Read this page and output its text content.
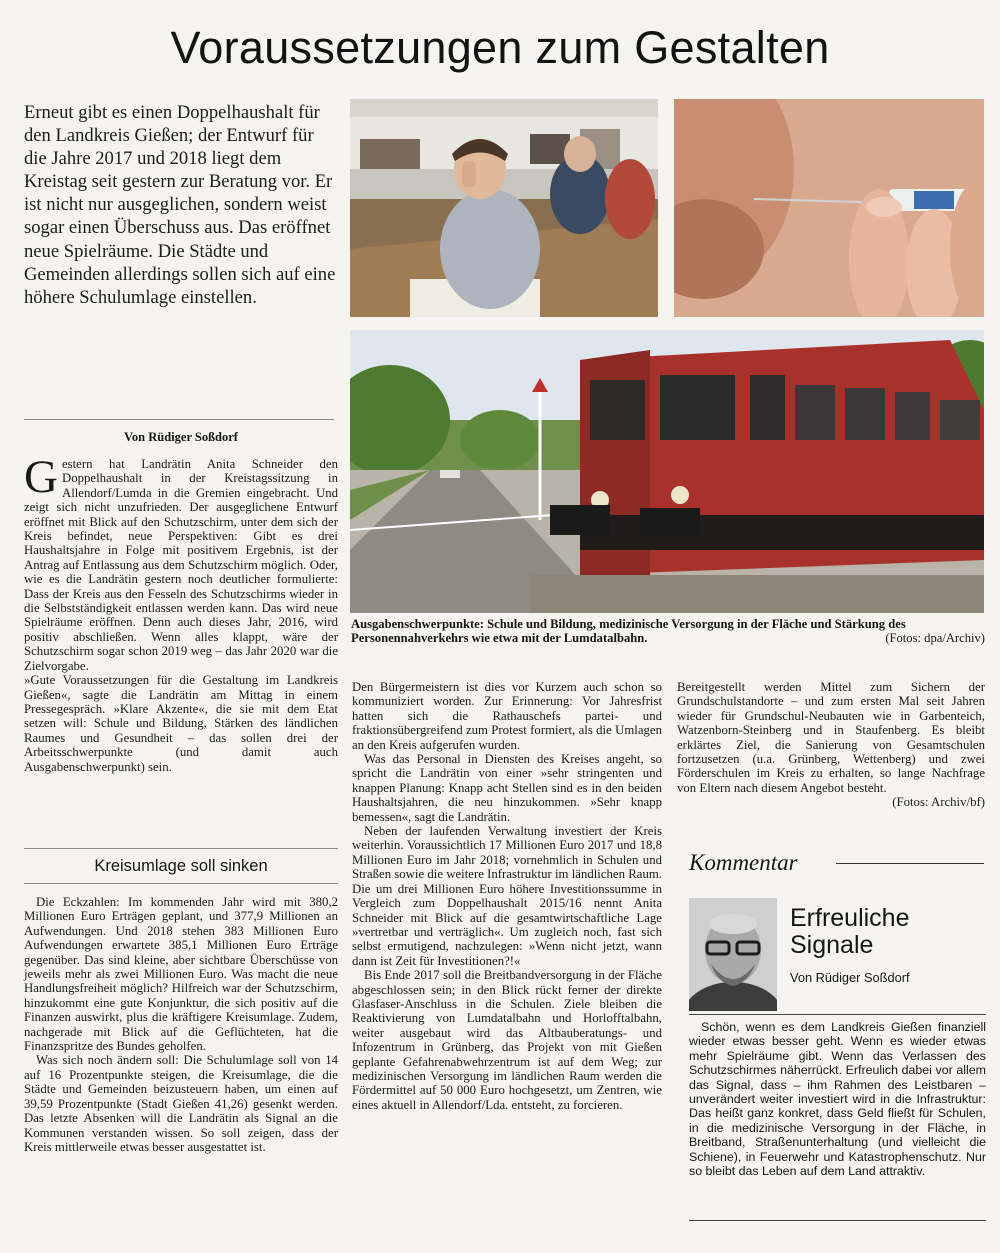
Voraussetzungen zum Gestalten

Erneut gibt es einen Doppelhaushalt für den Landkreis Gießen; der Entwurf für die Jahre 2017 und 2018 liegt dem Kreistag seit gestern zur Beratung vor. Er ist nicht nur ausgeglichen, sondern weist sogar einen Überschuss aus. Das eröffnet neue Spielräume. Die Städte und Gemeinden allerdings sollen sich auf eine höhere Schulumlage einstellen.

Von Rüdiger Soßdorf

Gestern hat Landrätin Anita Schneider den Doppelhaushalt in der Kreistagssitzung in Allendorf/Lumda in die Gremien eingebracht. Und zeigt sich nicht unzufrieden. Der ausgeglichene Entwurf eröffnet mit Blick auf den Schutzschirm, unter dem sich der Kreis befindet, neue Perspektiven: Gibt es drei Haushaltsjahre in Folge mit positivem Ergebnis, ist der Antrag auf Entlassung aus dem Schutzschirm möglich. Oder, wie es die Landrätin gestern noch deutlicher formulierte: Dass der Kreis aus den Fesseln des Schutzschirms wieder in die Selbstständigkeit entlassen werden kann. Das wird neue Spielräume eröffnen. Denn auch dieses Jahr, 2016, wird positiv abschließen. Wenn alles klappt, wäre der Schutzschirm sogar schon 2019 weg – das Jahr 2020 war die Zielvorgabe.
»Gute Voraussetzungen für die Gestaltung im Landkreis Gießen«, sagte die Landrätin am Mittag in einem Pressegespräch. »Klare Akzente«, die sie mit dem Etat setzen will: Schule und Bildung, Stärken des ländlichen Raumes und Gesundheit – das sollen drei der Arbeitsschwerpunkte (und damit auch Ausgabenschwerpunkt) sein.
Kreisumlage soll sinken
Die Eckzahlen: Im kommenden Jahr wird mit 380,2 Millionen Euro Erträgen geplant, und 377,9 Millionen an Aufwendungen. Und 2018 stehen 383 Millionen Euro Aufwendungen erwartete 385,1 Millionen Euro Erträge gegenüber. Das sind kleine, aber sichtbare Überschüsse von jeweils mehr als zwei Millionen Euro. Was macht die neue Handlungsfreiheit möglich? Hilfreich war der Schutzschirm, hinzukommt eine gute Konjunktur, die sich positiv auf die Finanzen auswirkt, plus die kräftigere Kreisumlage. Zudem, nachgerade mit Blick auf die Geflüchteten, hat die Finanzspritze des Bundes geholfen.
Was sich noch ändern soll: Die Schulumlage soll von 14 auf 16 Prozentpunkte steigen, die Kreisumlage, die die Städte und Gemeinden beizusteuern haben, um einen auf 39,59 Prozentpunkte (Stadt Gießen 41,26) gesenkt werden. Das letzte Absenken will die Landrätin als Signal an die Kommunen verstanden wissen. So soll zeigen, dass der Kreis mittlerweile etwas besser ausgestattet ist.
Ausgabenschwerpunkte: Schule und Bildung, medizinische Versorgung in der Fläche und Stärkung des Personennahverkehrs wie etwa mit der Lumdatalbahn.	(Fotos: dpa/Archiv)
Den Bürgermeistern ist dies vor Kurzem auch schon so kommuniziert worden. Zur Erinnerung: Vor Jahresfrist hatten sich die Rathauschefs partei- und fraktionsübergreifend zum Protest formiert, als die Umlagen an den Kreis aufgerufen wurden.
Was das Personal in Diensten des Kreises angeht, so spricht die Landrätin von einer »sehr stringenten und knappen Planung: Knapp acht Stellen sind es in den beiden Haushaltsjahren, die neu hinzukommen. »Sehr knapp bemessen«, sagt die Landrätin.
Neben der laufenden Verwaltung investiert der Kreis weiterhin. Voraussichtlich 17 Millionen Euro 2017 und 18,8 Millionen Euro im Jahr 2018; vornehmlich in Schulen und Straßen sowie die weitere Infrastruktur im ländlichen Raum. Die um drei Millionen Euro höhere Investitionssumme in Vergleich zum Doppelhaushalt 2015/16 nennt Anita Schneider mit Blick auf die gesamtwirtschaftliche Lage »vertretbar und verträglich«. Um zugleich noch, fast sich selbst ermutigend, nachzulegen: »Wenn nicht jetzt, wann dann ist Zeit für Investitionen?!«
Bis Ende 2017 soll die Breitbandversorgung in der Fläche abgeschlossen sein; in den Blick rückt ferner der direkte Glasfaser-Anschluss in die Schulen. Ziele bleiben die Reaktivierung von Lumdatalbahn und Horlofftalbahn, weiter ausgebaut wird das Altbauberatungs- und Infozentrum in Grünberg, das Projekt von mit Gießen geplante Gefahrenabwehrzentrum ist auf dem Weg; zur medizinischen Versorgung im ländlichen Raum werden die Fördermittel auf 50 000 Euro hochgesetzt, um Zentren, wie eines aktuell in Allendorf/Lda. entsteht, zu forcieren.
Bereitgestellt werden Mittel zum Sichern der Grundschulstandorte – und zum ersten Mal seit Jahren wieder für Grundschul-Neubauten wie in Garbenteich, Watzenborn-Steinberg und in Staufenberg. Es bleibt erklärtes Ziel, die Sanierung von Gesamtschulen fortzusetzen (u.a. Grünberg, Wettenberg) und zwei Förderschulen im Kreis zu erhalten, so lange Nachfrage von Eltern nach diesem Angebot besteht.
(Fotos: Archiv/bf)

Kommentar

Erfreuliche Signale

Von Rüdiger Soßdorf

Schön, wenn es dem Landkreis Gießen finanziell wieder etwas besser geht. Wenn es wieder etwas mehr Spielräume gibt. Wenn das Verlassen des Schutzschirmes näherrückt. Erfreulich dabei vor allem das Signal, dass – ihm Rahmen des Leistbaren – unverändert weiter investiert wird in die Infrastruktur: Das heißt ganz konkret, dass Geld fließt für Schulen, in die medizinische Versorgung in der Fläche, in Breitband, Straßenunterhaltung (und vielleicht die Schiene), in Feuerwehr und Katastrophenschutz. Nur so bleibt das Leben auf dem Land attraktiv.
